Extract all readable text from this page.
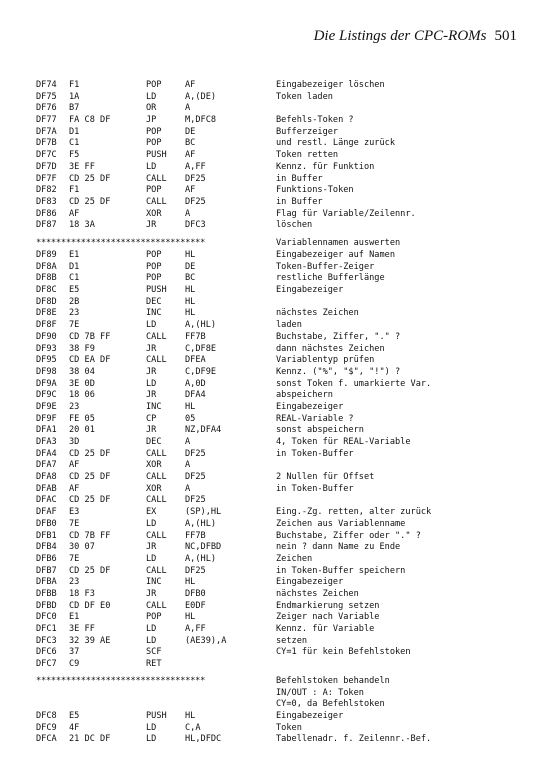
Die Listings der CPC-ROMs 501
DF74 F1	POP	AF	Eingabezeiger löschen
DF75 1A	LD	A,(DE)	Token laden
DF76 B7	OR	A
DF77 FA C8 DF	JP	M,DFC8	Befehls-Token ?
DF7A D1	POP	DE	Bufferzeiger
DF7B C1	POP	BC	und restl. Länge zurück
DF7C F5	PUSH AF	Token retten
DF7D 3E FF	LD	A,FF	Kennz. für Funktion
DF7F CD 25 DF	CALL DF25	in Buffer
DF82 F1	POP	AF	Funktions-Token
DF83 CD 25 DF	CALL DF25	in Buffer
DF86 AF	XOR	A	Flag für Variable/Zeilennr.
DF87 18 3A	JR	DFC3	löschen
**********************************	Variablennamen auswerten
DF89 E1	POP	HL	Eingabezeiger auf Namen
DF8A D1	POP	DE	Token-Buffer-Zeiger
DF8B C1	POP	BC	restliche Bufferlänge
DF8C E5	PUSH HL	Eingabezeiger
DF8D 2B	DEC	HL
DF8E 23	INC	HL	nächstes Zeichen
DF8F 7E	LD	A,(HL)	laden
DF90 CD 7B FF	CALL FF7B	Buchstabe, Ziffer, "." ?
DF93 38 F9	JR	C,DF8E	dann nächstes Zeichen
DF95 CD EA DF	CALL DFEA	Variablentyp prüfen
DF98 38 04	JR	C,DF9E	Kennz. ("%", "$", "!") ?
DF9A 3E 0D	LD	A,0D	sonst Token f. umarkierte Var.
DF9C 18 06	JR	DFA4	abspeichern
DF9E 23	INC	HL	Eingabezeiger
DF9F FE 05	CP	05	REAL-Variable ?
DFA1 20 01	JR	NZ,DFA4	sonst abspeichern
DFA3 3D	DEC	A	4, Token für REAL-Variable
DFA4 CD 25 DF	CALL DF25	in Token-Buffer
DFA7 AF	XOR	A
DFA8 CD 25 DF	CALL DF25	2 Nullen für Offset
DFAB AF	XOR	A	in Token-Buffer
DFAC CD 25 DF	CALL DF25
DFAF E3	EX	(SP),HL	Eing.-Zg. retten, alter zurück
DFB0 7E	LD	A,(HL)	Zeichen aus Variablenname
DFB1 CD 7B FF	CALL FF7B	Buchstabe, Ziffer oder "." ?
DFB4 30 07	JR	NC,DFBD	nein ? dann Name zu Ende
DFB6 7E	LD	A,(HL)	Zeichen
DFB7 CD 25 DF	CALL DF25	in Token-Buffer speichern
DFBA 23	INC	HL	Eingabezeiger
DFBB 18 F3	JR	DFB0	nächstes Zeichen
DFBD CD DF E0	CALL E0DF	Endmarkierung setzen
DFC0 E1	POP	HL	Zeiger nach Variable
DFC1 3E FF	LD	A,FF	Kennz. für Variable
DFC3 32 39 AE	LD	(AE39),A	setzen
DFC6 37	SCF	CY=1 für kein Befehlstoken
DFC7 C9	RET
**********************************	Befehlstoken behandeln
IN/OUT : A: Token
CY=0, da Befehlstoken
DFC8 E5	PUSH HL	Eingabezeiger
DFC9 4F	LD	C,A	Token
DFCA 21 DC DF	LD	HL,DFDC	Tabellenadr. f. Zeilennr.-Bef.
